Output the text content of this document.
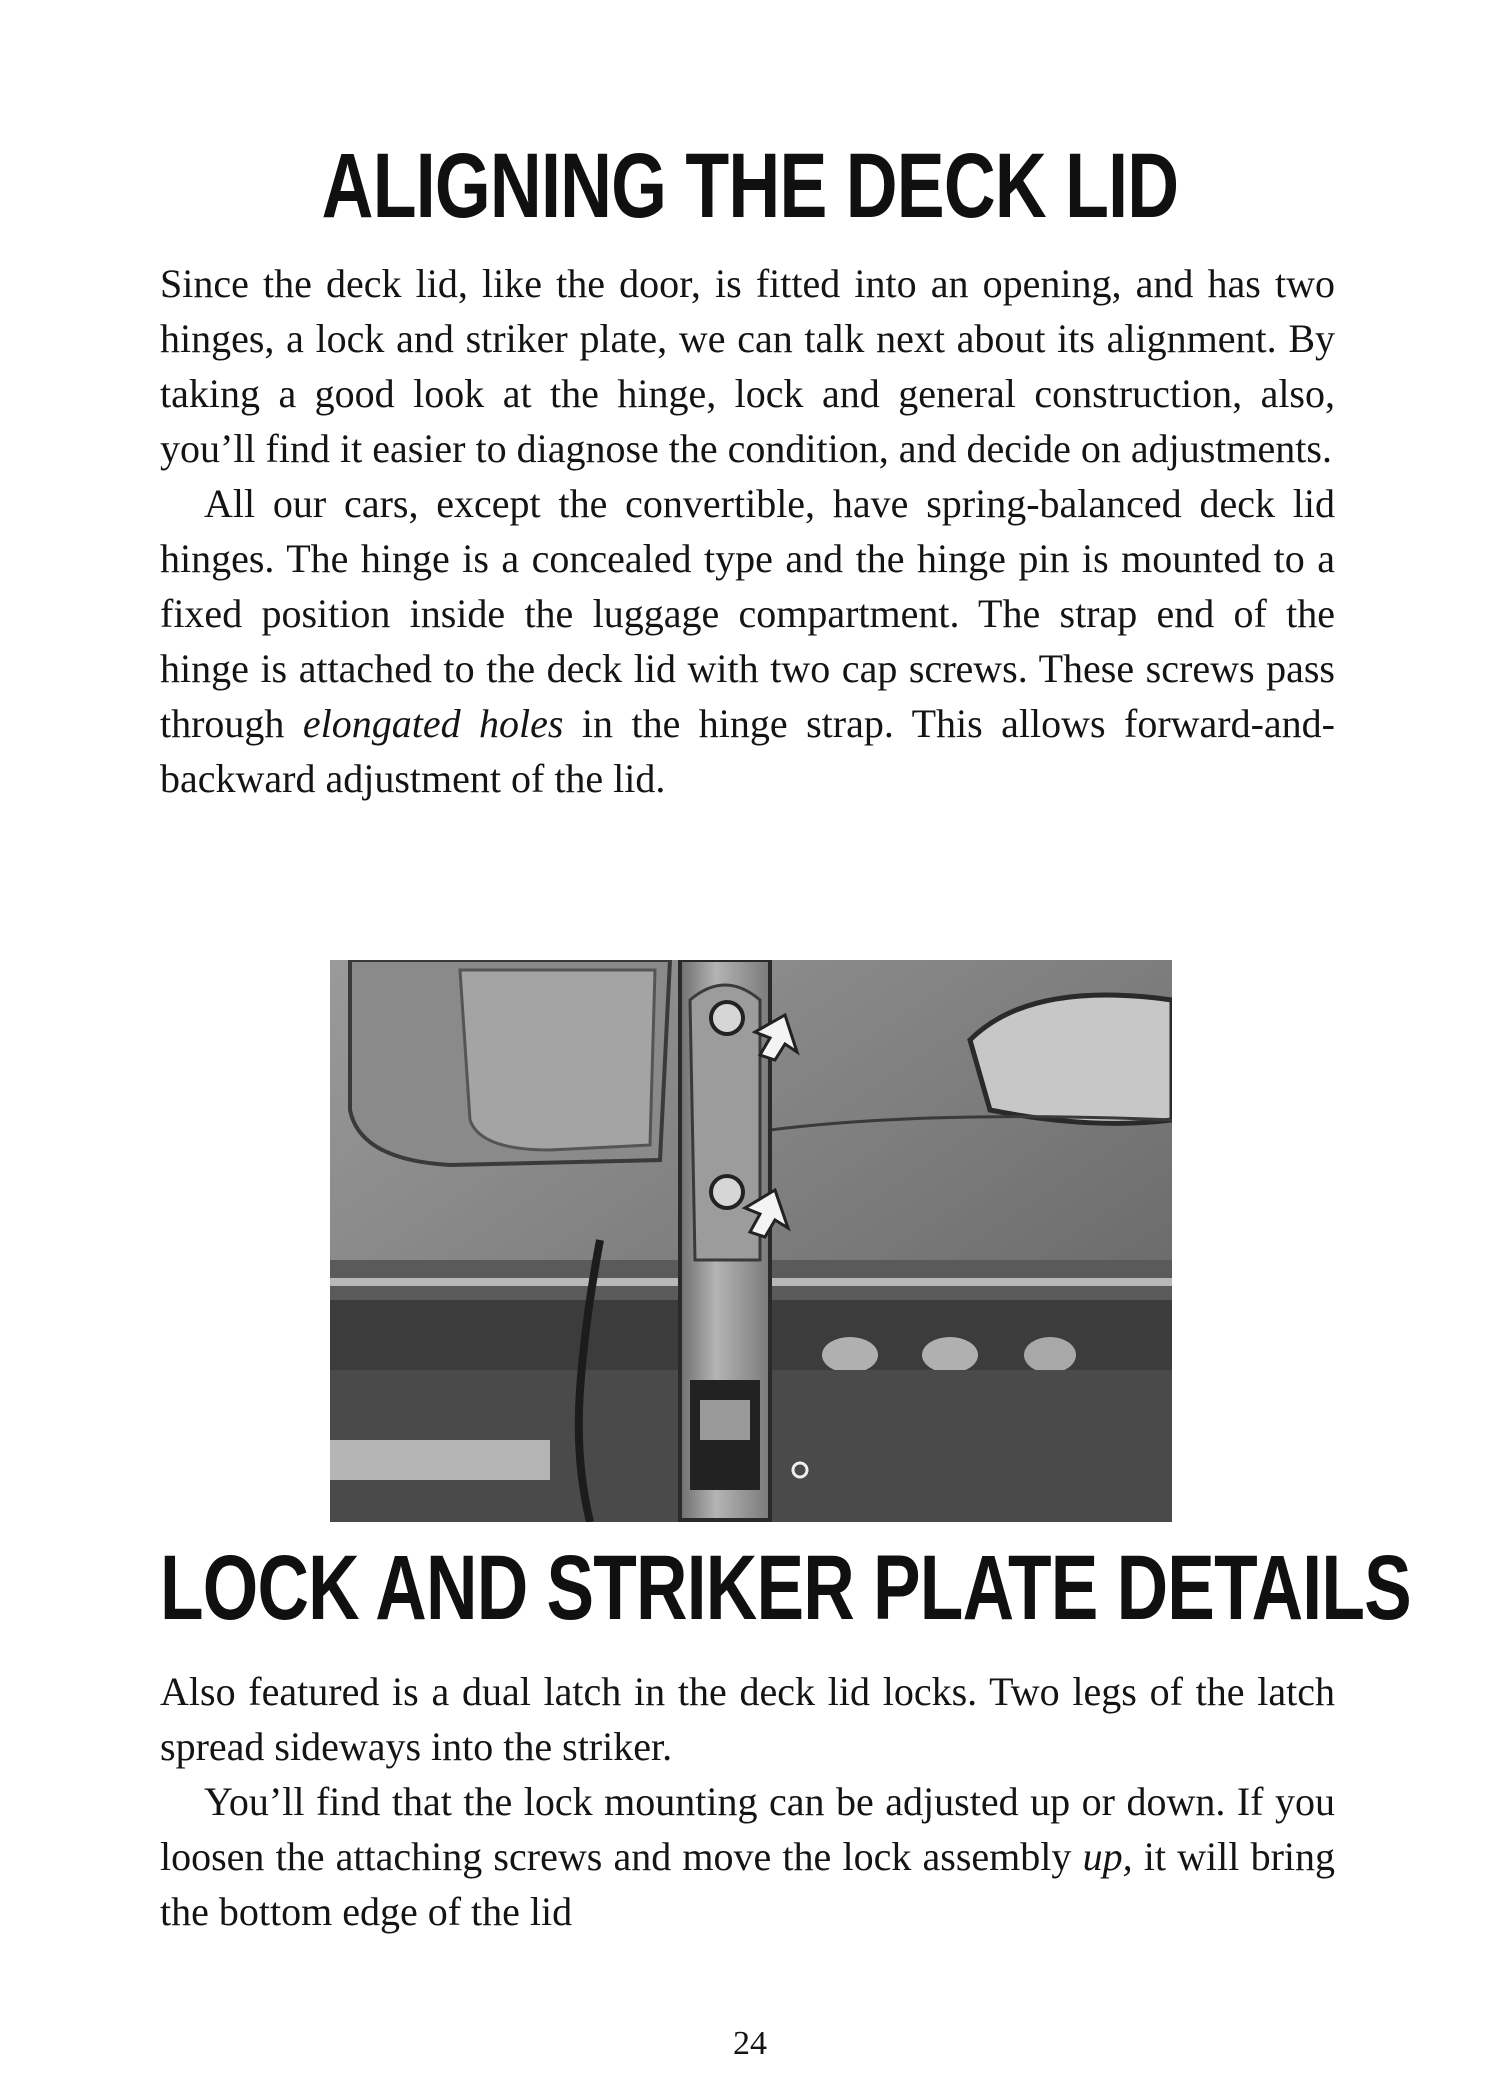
ALIGNING THE DECK LID

Since the deck lid, like the door, is fitted into an opening, and has two hinges, a lock and striker plate, we can talk next about its alignment. By taking a good look at the hinge, lock and general construction, also, you’ll find it easier to diagnose the condition, and decide on adjustments.

All our cars, except the convertible, have spring-balanced deck lid hinges. The hinge is a concealed type and the hinge pin is mounted to a fixed position inside the luggage compartment. The strap end of the hinge is attached to the deck lid with two cap screws. These screws pass through elongated holes in the hinge strap. This allows forward-and-backward adjustment of the lid.

LOCK AND STRIKER PLATE DETAILS

Also featured is a dual latch in the deck lid locks. Two legs of the latch spread sideways into the striker.

You’ll find that the lock mounting can be adjusted up or down. If you loosen the attaching screws and move the lock assembly up, it will bring the bottom edge of the lid

24
